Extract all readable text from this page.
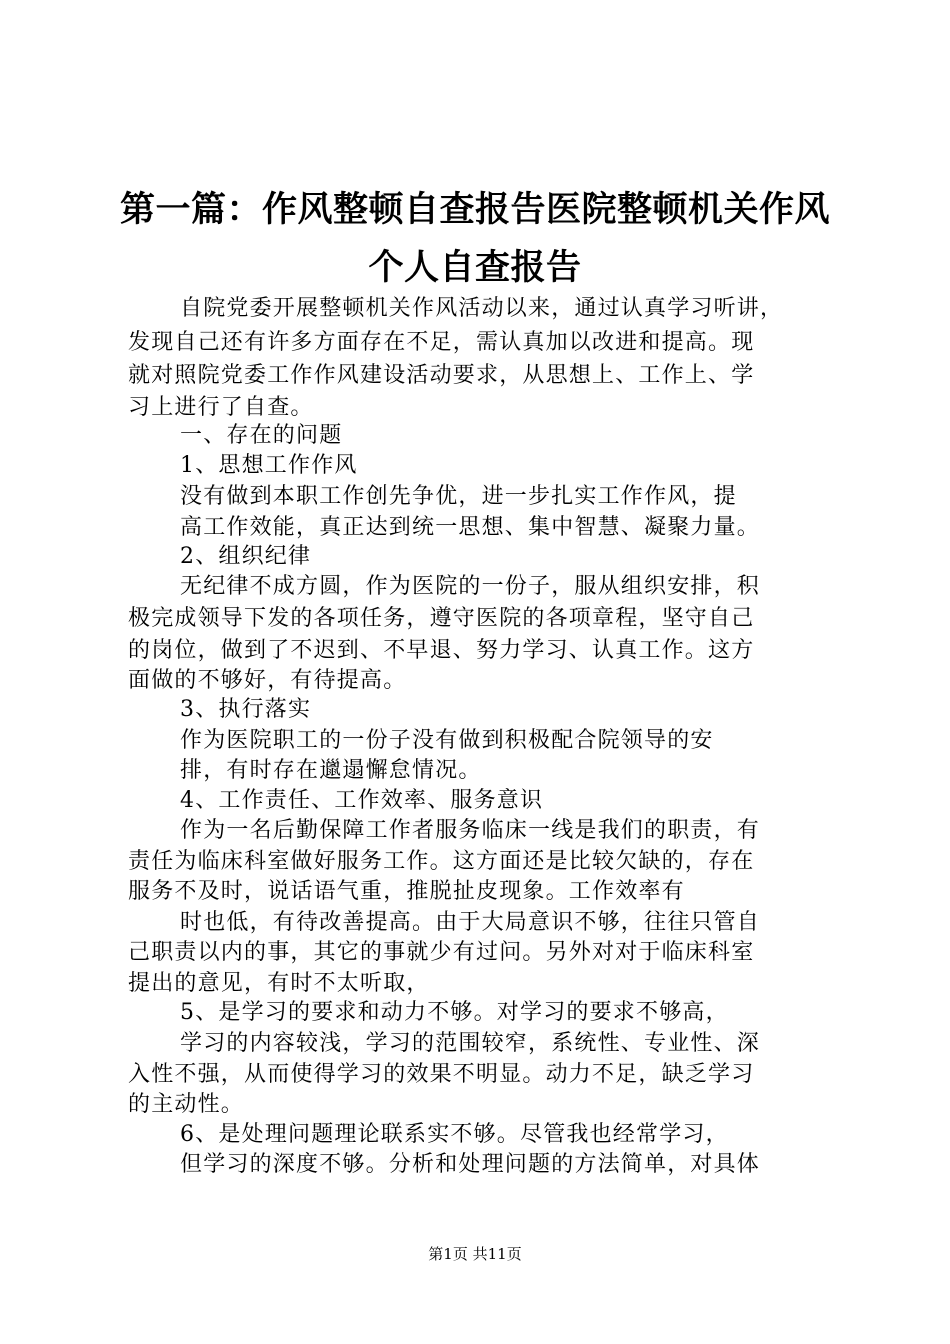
第一篇：作风整顿自查报告医院整顿机关作风
个人自查报告
自院党委开展整顿机关作风活动以来，通过认真学习听讲，
发现自己还有许多方面存在不足，需认真加以改进和提高。现
就对照院党委工作作风建设活动要求，从思想上、工作上、学
习上进行了自查。
一、存在的问题
1、思想工作作风
没有做到本职工作创先争优，进一步扎实工作作风，提
高工作效能，真正达到统一思想、集中智慧、凝聚力量。
2、组织纪律
无纪律不成方圆，作为医院的一份子，服从组织安排，积
极完成领导下发的各项任务，遵守医院的各项章程，坚守自己
的岗位，做到了不迟到、不早退、努力学习、认真工作。这方
面做的不够好，有待提高。
3、执行落实
作为医院职工的一份子没有做到积极配合院领导的安
排，有时存在邋遢懈怠情况。
4、工作责任、工作效率、服务意识
作为一名后勤保障工作者服务临床一线是我们的职责，有
责任为临床科室做好服务工作。这方面还是比较欠缺的，存在
服务不及时，说话语气重，推脱扯皮现象。工作效率有
时也低，有待改善提高。由于大局意识不够，往往只管自
己职责以内的事，其它的事就少有过问。另外对对于临床科室
提出的意见，有时不太听取，
5、是学习的要求和动力不够。对学习的要求不够高，
学习的内容较浅，学习的范围较窄，系统性、专业性、深
入性不强，从而使得学习的效果不明显。动力不足，缺乏学习
的主动性。
6、是处理问题理论联系实不够。尽管我也经常学习，
但学习的深度不够。分析和处理问题的方法简单，对具体
第1页 共11页
